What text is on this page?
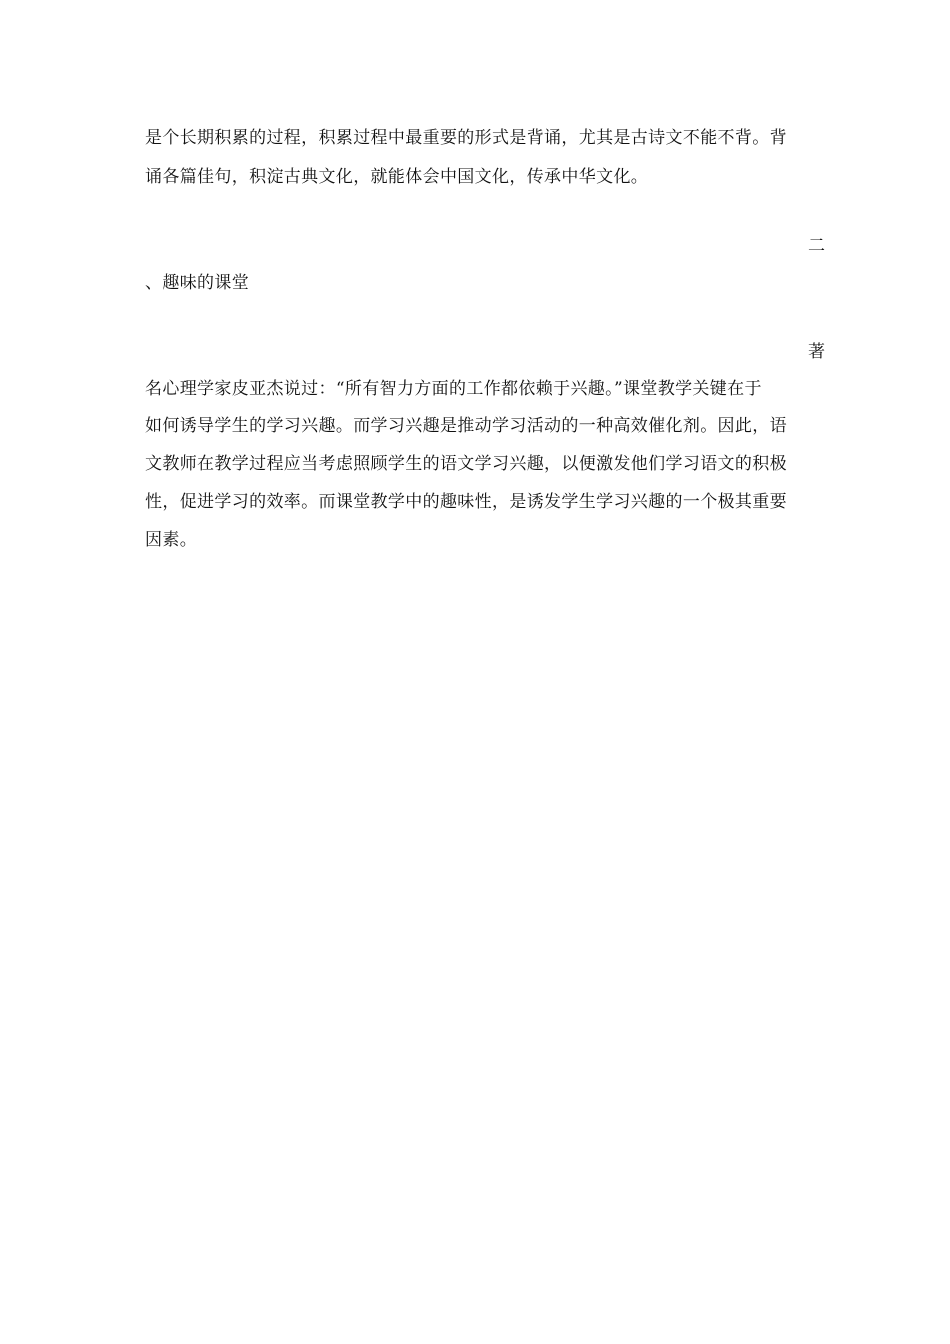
是个长期积累的过程，积累过程中最重要的形式是背诵，尤其是古诗文不能不背。背
诵各篇佳句，积淀古典文化，就能体会中国文化，传承中华文化。
二
、趣味的课堂
著
名心理学家皮亚杰说过：“所有智力方面的工作都依赖于兴趣。”课堂教学关键在于
如何诱导学生的学习兴趣。而学习兴趣是推动学习活动的一种高效催化剂。因此，语
文教师在教学过程应当考虑照顾学生的语文学习兴趣，以便激发他们学习语文的积极
性，促进学习的效率。而课堂教学中的趣味性，是诱发学生学习兴趣的一个极其重要
因素。
